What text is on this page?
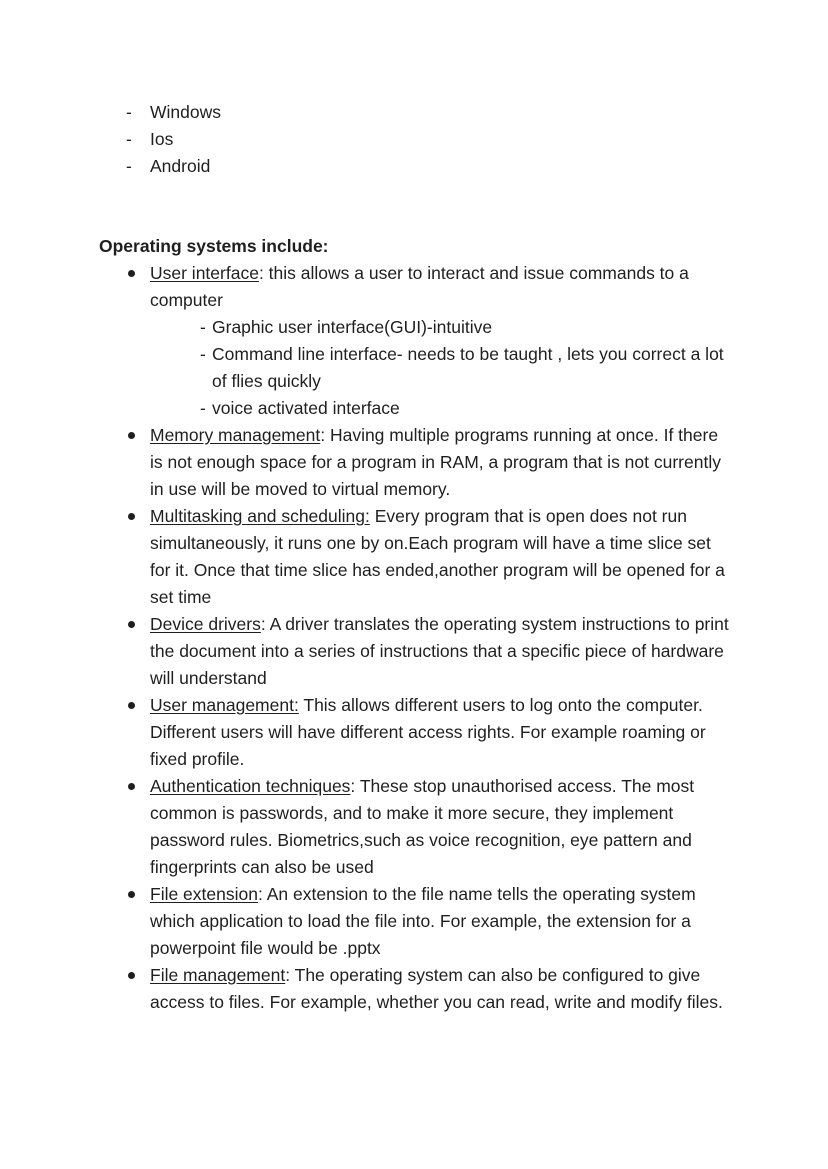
- Windows
- Ios
- Android
Operating systems include:
User interface: this allows a user to interact and issue commands to a computer
- Graphic user interface(GUI)-intuitive
- Command line interface- needs to be taught , lets you correct a lot of flies quickly
- voice activated interface
Memory management: Having multiple programs running at once. If there is not enough space for a program in RAM, a program that is not currently in use will be moved to virtual memory.
Multitasking and scheduling: Every program that is open does not run simultaneously, it runs one by on.Each program will have a time slice set for it. Once that time slice has ended,another program will be opened for a set time
Device drivers: A driver translates the operating system instructions to print the document into a series of instructions that a specific piece of hardware will understand
User management: This allows different users to log onto the computer. Different users will have different access rights. For example roaming or fixed profile.
Authentication techniques: These stop unauthorised access. The most common is passwords, and to make it more secure, they implement password rules. Biometrics,such as voice recognition, eye pattern and fingerprints can also be used
File extension: An extension to the file name tells the operating system which application to load the file into. For example, the extension for a powerpoint file would be .pptx
File management: The operating system can also be configured to give access to files. For example, whether you can read, write and modify files.
